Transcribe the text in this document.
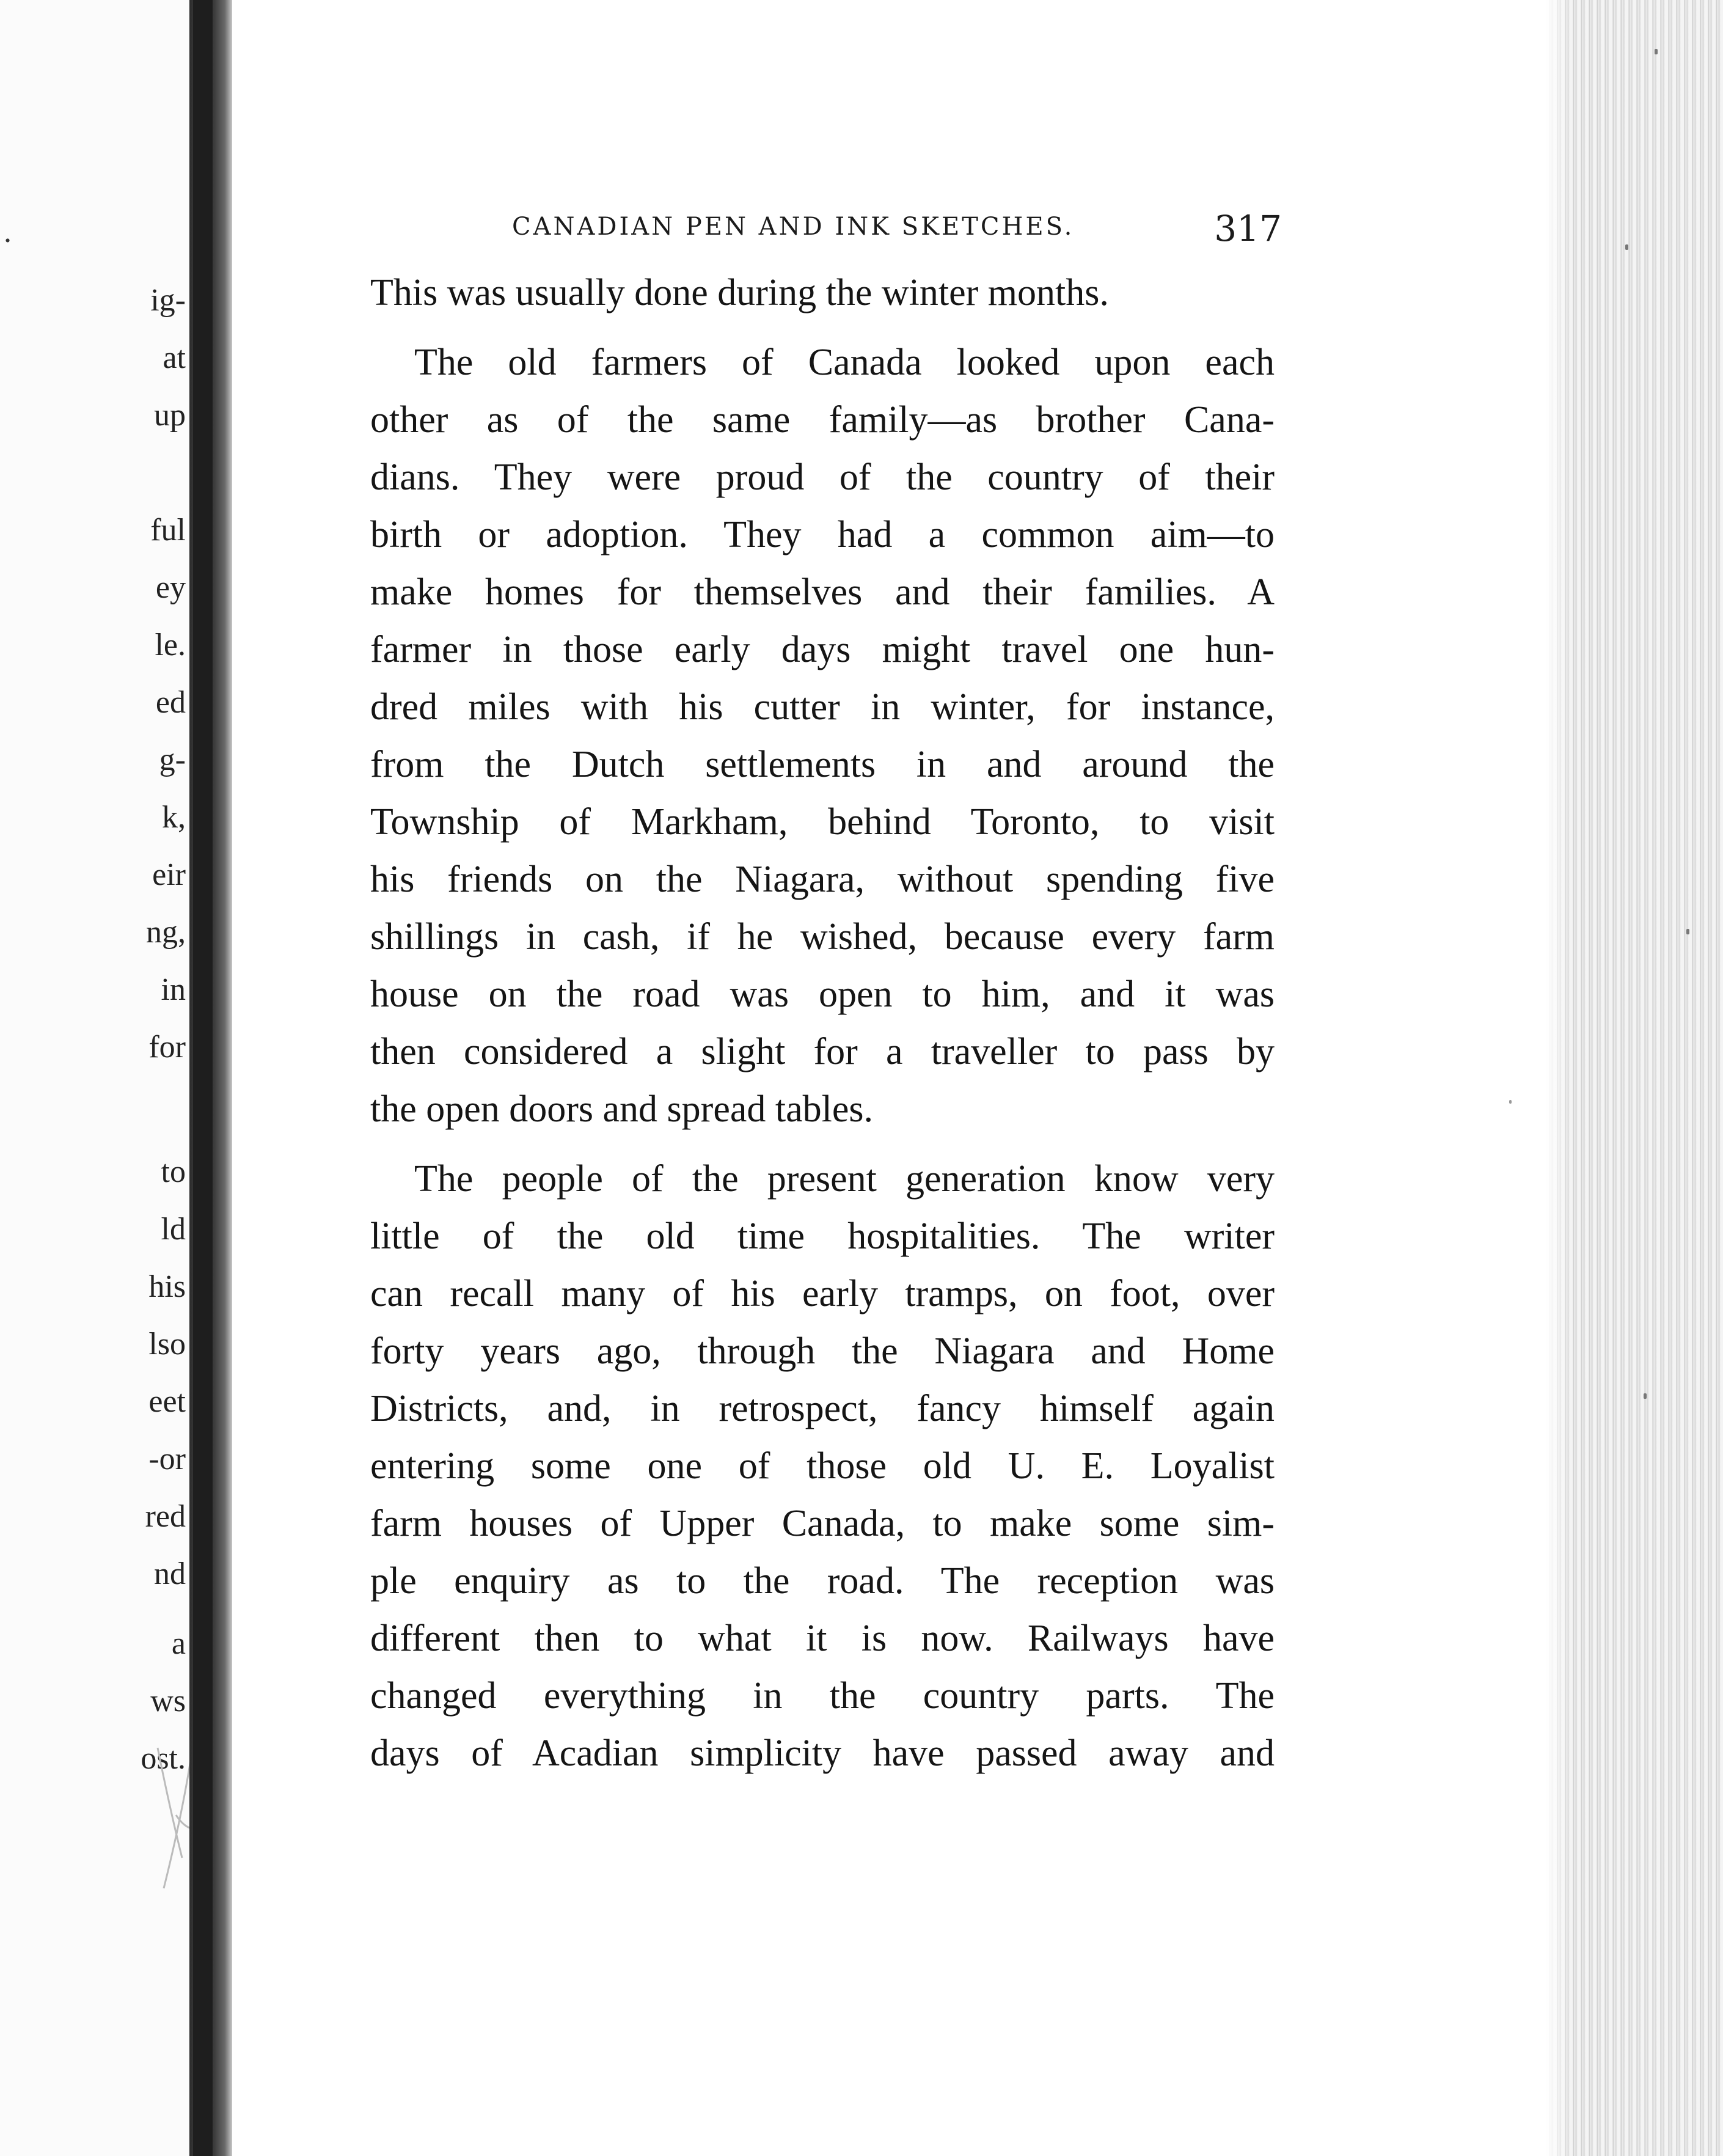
.
ig-
at
up
ful
ey
le.
ed
g-
k,
eir
ng,
in
for
to
ld
his
lso
eet
-or
red
nd
a
ws
ost.
CANADIAN PEN AND INK SKETCHES.	317
This was usually done during the winter months.
The old farmers of Canada looked upon each
other as of the same family—as brother Cana-
dians. They were proud of the country of their
birth or adoption. They had a common aim—to
make homes for themselves and their families. A
farmer in those early days might travel one hun-
dred miles with his cutter in winter, for instance,
from the Dutch settlements in and around the
Township of Markham, behind Toronto, to visit
his friends on the Niagara, without spending five
shillings in cash, if he wished, because every farm
house on the road was open to him, and it was
then considered a slight for a traveller to pass by
the open doors and spread tables.
The people of the present generation know very
little of the old time hospitalities. The writer
can recall many of his early tramps, on foot, over
forty years ago, through the Niagara and Home
Districts, and, in retrospect, fancy himself again
entering some one of those old U. E. Loyalist
farm houses of Upper Canada, to make some sim-
ple enquiry as to the road. The reception was
different then to what it is now. Railways have
changed everything in the country parts. The
days of Acadian simplicity have passed away and
